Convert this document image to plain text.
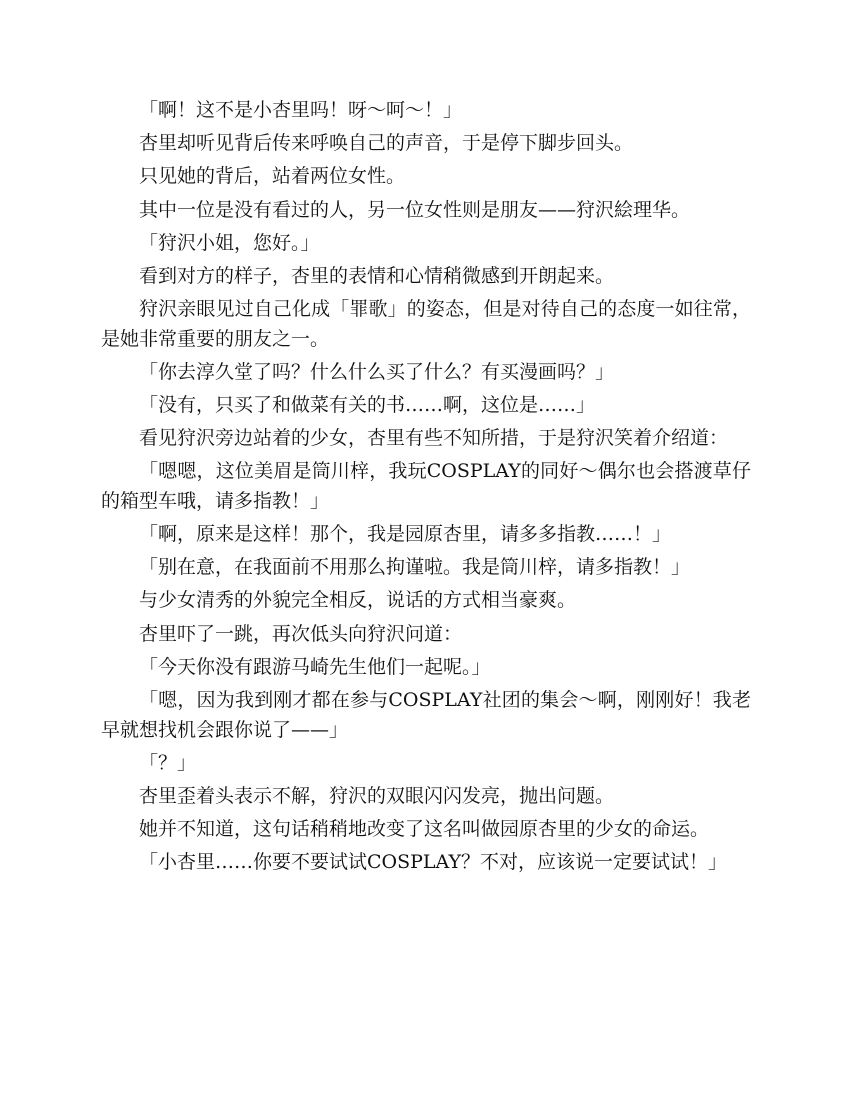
「啊！这不是小杏里吗！呀～呵～！」

杏里却听见背后传来呼唤自己的声音，于是停下脚步回头。

只见她的背后，站着两位女性。

其中一位是没有看过的人，另一位女性则是朋友——狩沢絵理华。

「狩沢小姐，您好。」

看到对方的样子，杏里的表情和心情稍微感到开朗起来。

狩沢亲眼见过自己化成「罪歌」的姿态，但是对待自己的态度一如往常，是她非常重要的朋友之一。

「你去淳久堂了吗？什么什么买了什么？有买漫画吗？」

「没有，只买了和做菜有关的书……啊，这位是……」

看见狩沢旁边站着的少女，杏里有些不知所措，于是狩沢笑着介绍道：

「嗯嗯，这位美眉是筒川梓，我玩COSPLAY的同好～偶尔也会搭渡草仔的箱型车哦，请多指教！」

「啊，原来是这样！那个，我是园原杏里，请多多指教……！」

「别在意，在我面前不用那么拘谨啦。我是筒川梓，请多指教！」

与少女清秀的外貌完全相反，说话的方式相当豪爽。

杏里吓了一跳，再次低头向狩沢问道：

「今天你没有跟游马崎先生他们一起呢。」

「嗯，因为我到刚才都在参与COSPLAY社团的集会～啊，刚刚好！我老早就想找机会跟你说了——」

「？」

杏里歪着头表示不解，狩沢的双眼闪闪发亮，抛出问题。

她并不知道，这句话稍稍地改变了这名叫做园原杏里的少女的命运。

「小杏里……你要不要试试COSPLAY？不对，应该说一定要试试！」
